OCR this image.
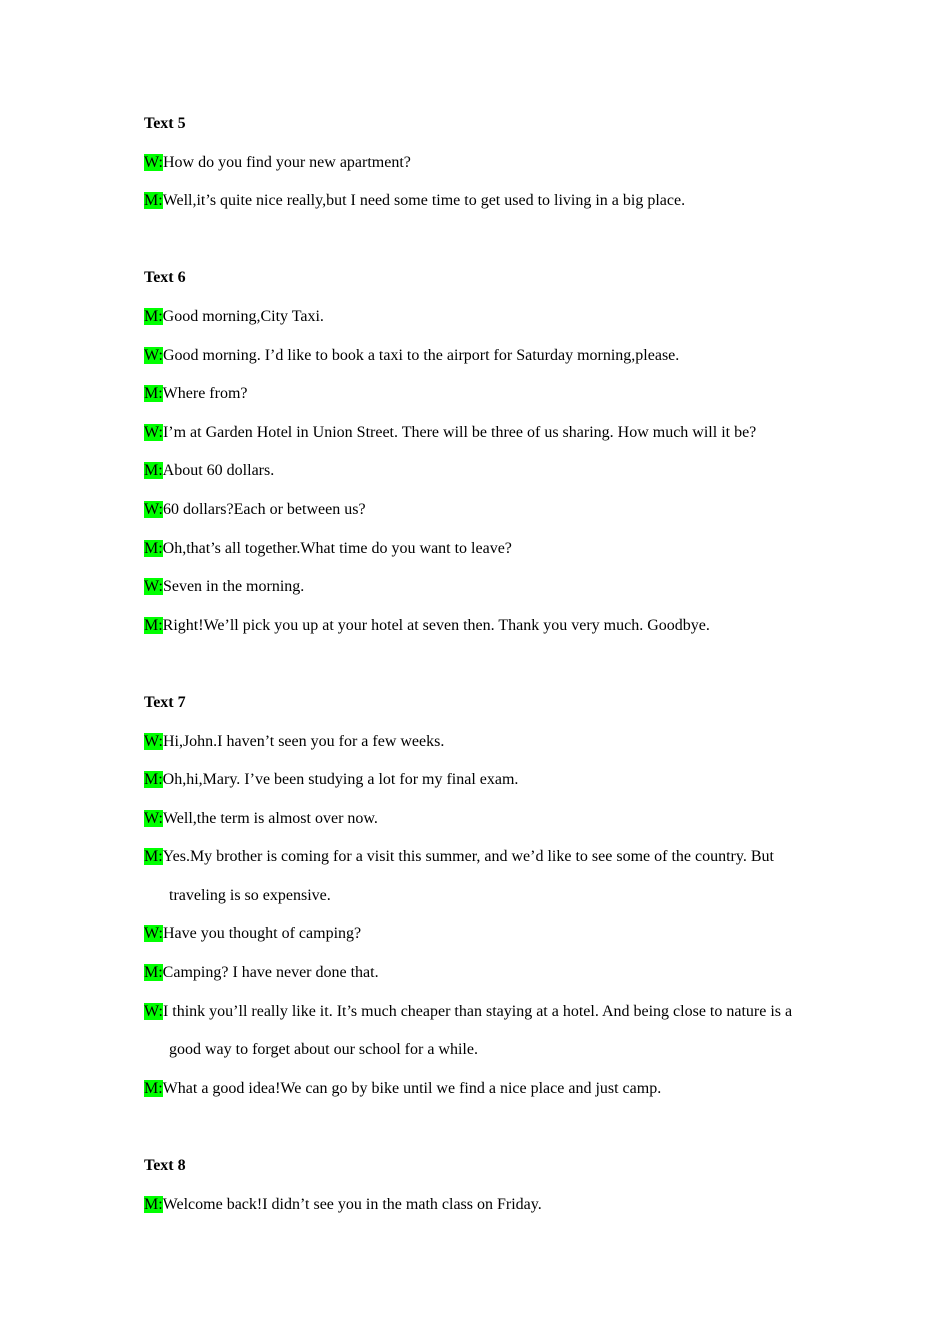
Text 5

W:How do you find your new apartment?

M:Well,it’s quite nice really,but I need some time to get used to living in a big place.

Text 6

M:Good morning,City Taxi.

W:Good morning. I’d like to book a taxi to the airport for Saturday morning,please.

M:Where from?

W:I’m at Garden Hotel in Union Street. There will be three of us sharing. How much will it be?

M:About 60 dollars.

W:60 dollars?Each or between us?

M:Oh,that’s all together.What time do you want to leave?

W:Seven in the morning.

M:Right!We’ll pick you up at your hotel at seven then. Thank you very much. Goodbye.

Text 7

W:Hi,John.I haven’t seen you for a few weeks.

M:Oh,hi,Mary. I’ve been studying a lot for my final exam.

W:Well,the term is almost over now.

M:Yes.My brother is coming for a visit this summer, and we’d like to see some of the country. But traveling is so expensive.

W:Have you thought of camping?

M:Camping? I have never done that.

W:I think you’ll really like it. It’s much cheaper than staying at a hotel. And being close to nature is a good way to forget about our school for a while.

M:What a good idea!We can go by bike until we find a nice place and just camp.

Text 8

M:Welcome back!I didn’t see you in the math class on Friday.
